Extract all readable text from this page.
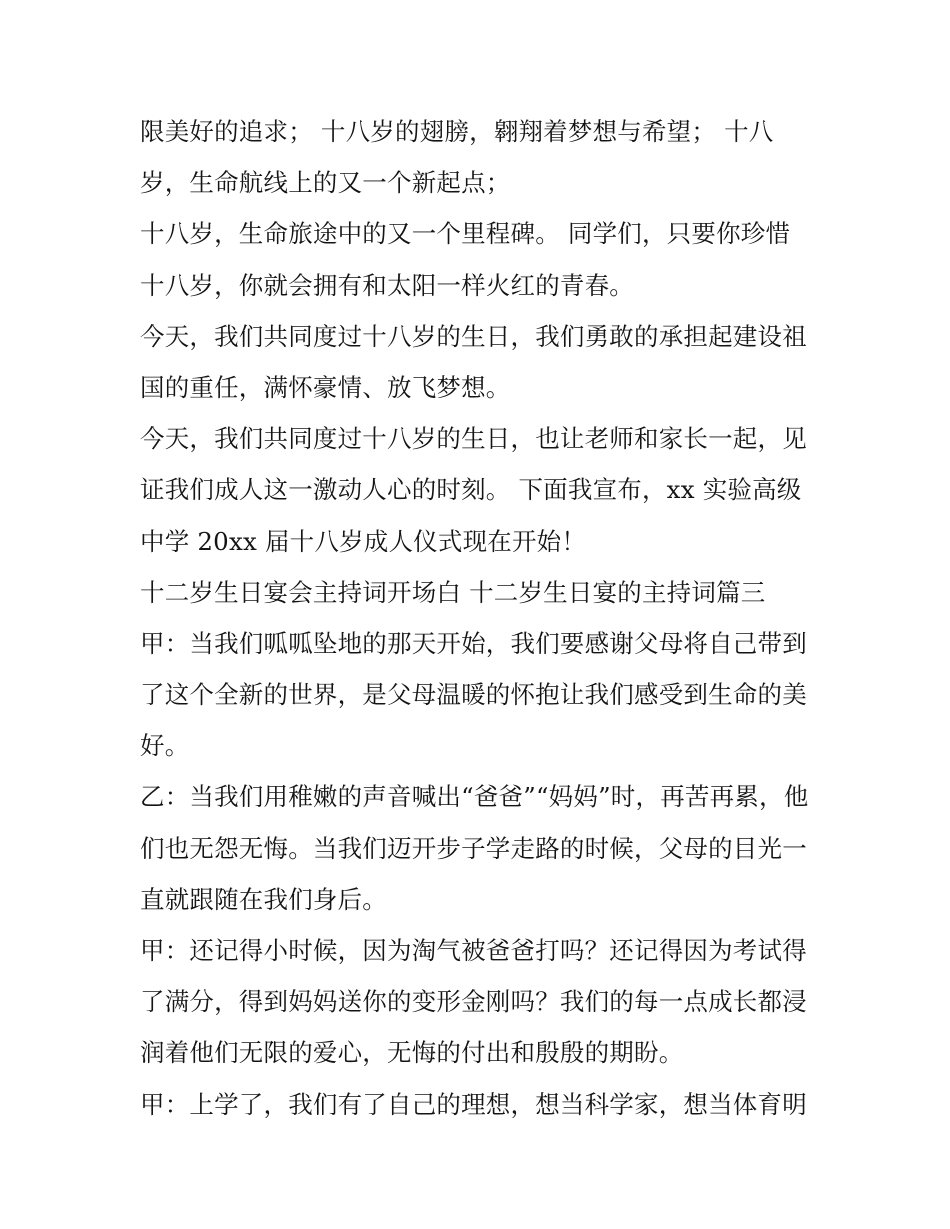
限美好的追求； 十八岁的翅膀，翱翔着梦想与希望； 十八
岁，生命航线上的又一个新起点；
十八岁，生命旅途中的又一个里程碑。 同学们，只要你珍惜
十八岁，你就会拥有和太阳一样火红的青春。
今天，我们共同度过十八岁的生日，我们勇敢的承担起建设祖
国的重任，满怀豪情、放飞梦想。
今天，我们共同度过十八岁的生日，也让老师和家长一起，见
证我们成人这一激动人心的时刻。 下面我宣布，xx 实验高级
中学 20xx 届十八岁成人仪式现在开始！
十二岁生日宴会主持词开场白 十二岁生日宴的主持词篇三
甲：当我们呱呱坠地的那天开始，我们要感谢父母将自己带到
了这个全新的世界，是父母温暖的怀抱让我们感受到生命的美
好。
乙：当我们用稚嫩的声音喊出“爸爸”“妈妈”时，再苦再累，他
们也无怨无悔。当我们迈开步子学走路的时候，父母的目光一
直就跟随在我们身后。
甲：还记得小时候，因为淘气被爸爸打吗？还记得因为考试得
了满分，得到妈妈送你的变形金刚吗？我们的每一点成长都浸
润着他们无限的爱心，无悔的付出和殷殷的期盼。
甲：上学了，我们有了自己的理想，想当科学家，想当体育明
